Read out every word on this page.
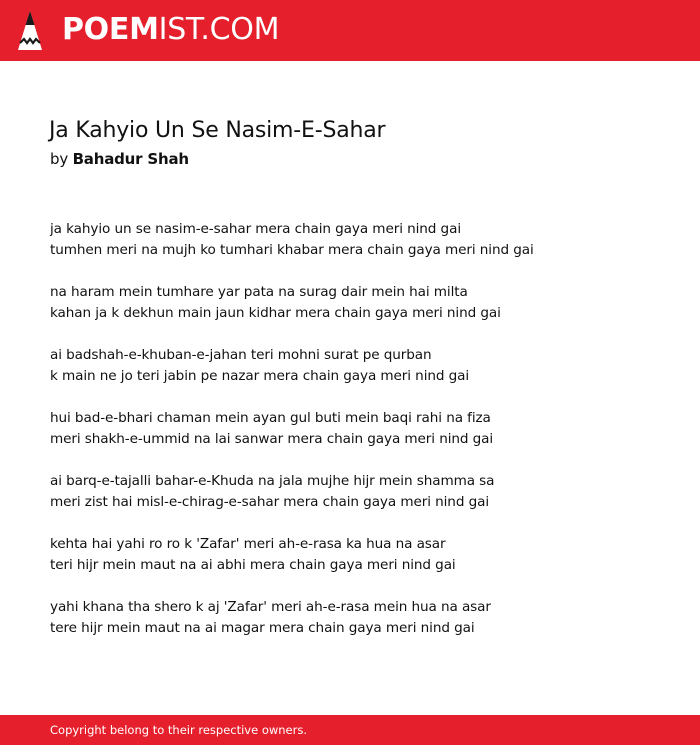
POEMIST.COM
Ja Kahyio Un Se Nasim-E-Sahar
by Bahadur Shah
ja kahyio un se nasim-e-sahar mera chain gaya meri nind gai
tumhen meri na mujh ko tumhari khabar mera chain gaya meri nind gai
na haram mein tumhare yar pata na surag dair mein hai milta
kahan ja k dekhun main jaun kidhar mera chain gaya meri nind gai
ai badshah-e-khuban-e-jahan teri mohni surat pe qurban
k main ne jo teri jabin pe nazar mera chain gaya meri nind gai
hui bad-e-bhari chaman mein ayan gul buti mein baqi rahi na fiza
meri shakh-e-ummid na lai sanwar mera chain gaya meri nind gai
ai barq-e-tajalli bahar-e-Khuda na jala mujhe hijr mein shamma sa
meri zist hai misl-e-chirag-e-sahar mera chain gaya meri nind gai
kehta hai yahi ro ro k 'Zafar' meri ah-e-rasa ka hua na asar
teri hijr mein maut na ai abhi mera chain gaya meri nind gai
yahi khana tha shero k aj 'Zafar' meri ah-e-rasa mein hua na asar
tere hijr mein maut na ai magar mera chain gaya meri nind gai
Copyright belong to their respective owners.
